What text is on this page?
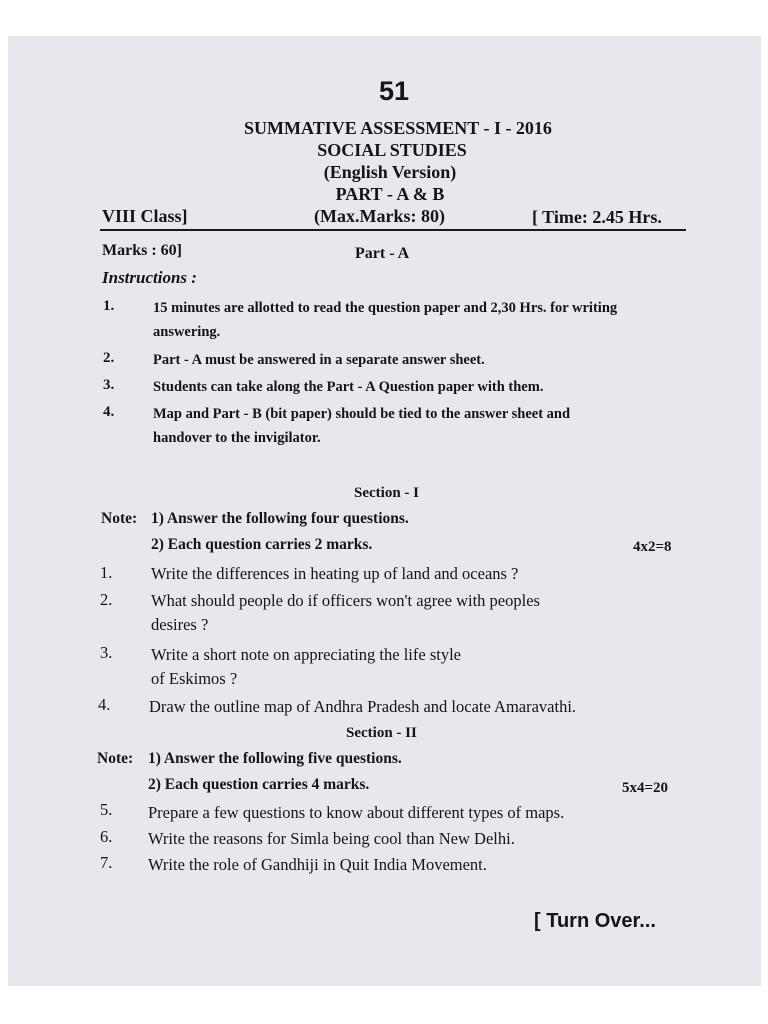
51
SUMMATIVE ASSESSMENT - I - 2016
SOCIAL STUDIES
(English Version)
PART - A & B
VIII Class]	(Max.Marks: 80)	[ Time: 2.45 Hrs.
Marks : 60]	Part - A
Instructions :
1.	15 minutes are allotted to read the question paper and 2,30 Hrs. for writing
answering.
2.	Part - A must be answered in a separate answer sheet.
3.	Students can take along the Part - A Question paper with them.
4.	Map and Part - B (bit paper) should be tied to the answer sheet and
handover to the invigilator.
Section - I
Note: 1) Answer the following four questions.
2) Each question carries 2 marks.	4x2=8
1. Write the differences in heating up of land and oceans ?
2. What should people do if officers won't agree with peoples
desires ?
3. Write a short note on appreciating the life style
of Eskimos ?
4. Draw the outline map of Andhra Pradesh and locate Amaravathi.
Section - II
Note: 1) Answer the following five questions.
2) Each question carries 4 marks.	5x4=20
5. Prepare a few questions to know about different types of maps.
6. Write the reasons for Simla being cool than New Delhi.
7. Write the role of Gandhiji in Quit India Movement.
[ Turn Over...
